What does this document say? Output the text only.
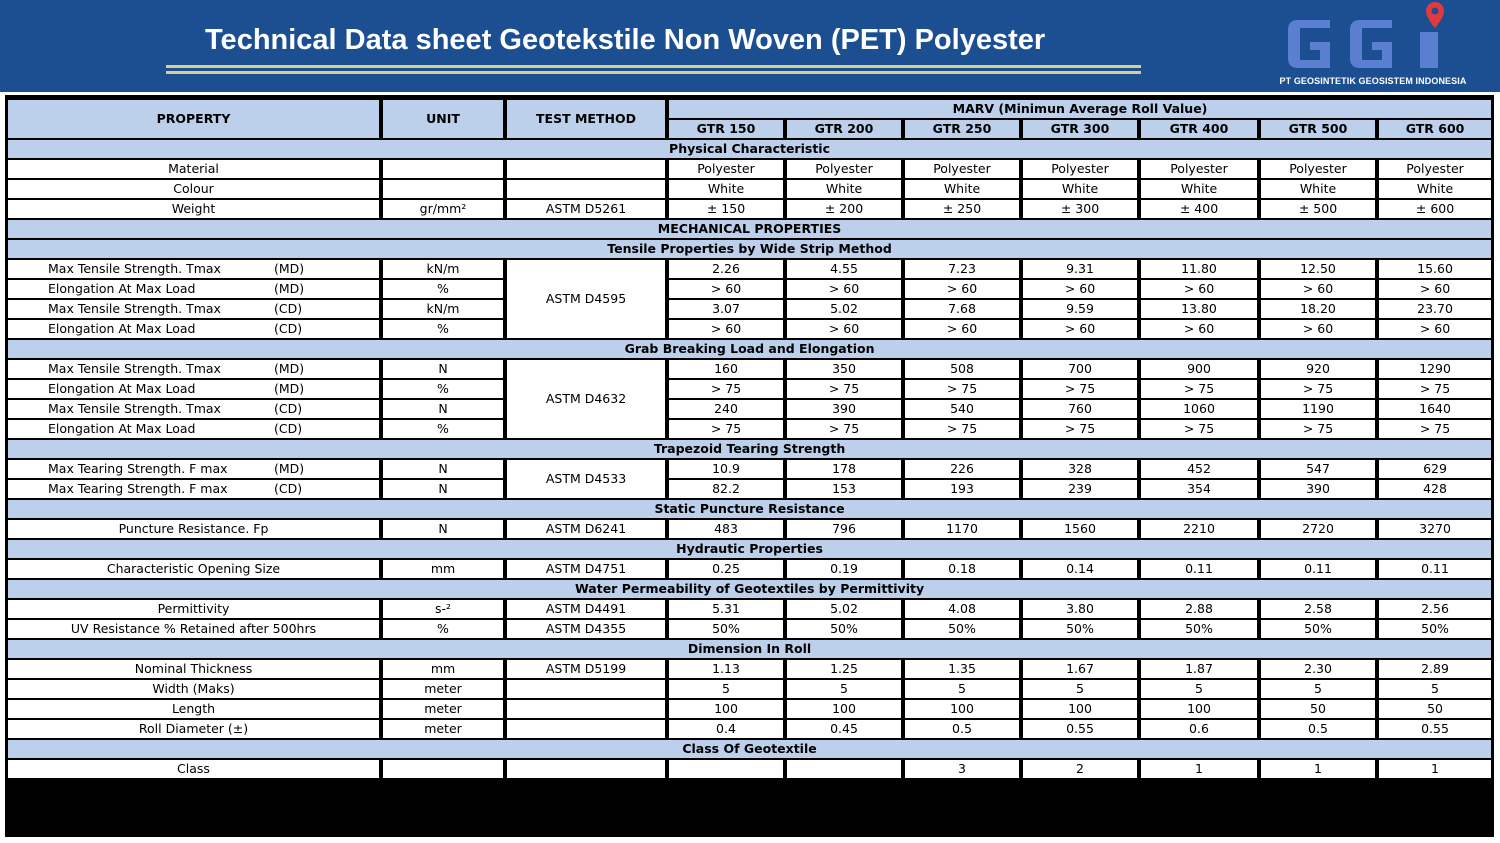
Technical Data sheet Geotekstile Non Woven (PET) Polyester
PT GEOSINTETIK GEOSISTEM INDONESIA
PROPERTY	UNIT	TEST METHOD	MARV (Minimun Average Roll Value)						
			GTR 150	GTR 200	GTR 250	GTR 300	GTR 400	GTR 500	GTR 600
Physical Characteristic									
Material			Polyester	Polyester	Polyester	Polyester	Polyester	Polyester	Polyester
Colour			White	White	White	White	White	White	White
Weight	gr/mm²	ASTM D5261	± 150	± 200	± 250	± 300	± 400	± 500	± 600
MECHANICAL PROPERTIES									
Tensile Properties by Wide Strip Method									
Max Tensile Strength. Tmax (MD)	kN/m	ASTM D4595	2.26	4.55	7.23	9.31	11.80	12.50	15.60
Elongation At Max Load (MD)	%		> 60	> 60	> 60	> 60	> 60	> 60	> 60
Max Tensile Strength. Tmax (CD)	kN/m		3.07	5.02	7.68	9.59	13.80	18.20	23.70
Elongation At Max Load (CD)	%		> 60	> 60	> 60	> 60	> 60	> 60	> 60
Grab Breaking Load and Elongation									
Max Tensile Strength. Tmax (MD)	N	ASTM D4632	160	350	508	700	900	920	1290
Elongation At Max Load (MD)	%		> 75	> 75	> 75	> 75	> 75	> 75	> 75
Max Tensile Strength. Tmax (CD)	N		240	390	540	760	1060	1190	1640
Elongation At Max Load (CD)	%		> 75	> 75	> 75	> 75	> 75	> 75	> 75
Trapezoid Tearing Strength									
Max Tearing Strength. F max (MD)	N	ASTM D4533	10.9	178	226	328	452	547	629
Max Tearing Strength. F max (CD)	N		82.2	153	193	239	354	390	428
Static Puncture Resistance									
Puncture Resistance. Fp	N	ASTM D6241	483	796	1170	1560	2210	2720	3270
Hydrautic Properties									
Characteristic Opening Size	mm	ASTM D4751	0.25	0.19	0.18	0.14	0.11	0.11	0.11
Water Permeability of Geotextiles by Permittivity									
Permittivity	s-²	ASTM D4491	5.31	5.02	4.08	3.80	2.88	2.58	2.56
UV Resistance % Retained after 500hrs	%	ASTM D4355	50%	50%	50%	50%	50%	50%	50%
Dimension In Roll									
Nominal Thickness	mm	ASTM D5199	1.13	1.25	1.35	1.67	1.87	2.30	2.89
Width (Maks)	meter		5	5	5	5	5	5	5
Length	meter		100	100	100	100	100	50	50
Roll Diameter (±)	meter		0.4	0.45	0.5	0.55	0.6	0.5	0.55
Class Of Geotextile									
Class					3	2	1	1	1
